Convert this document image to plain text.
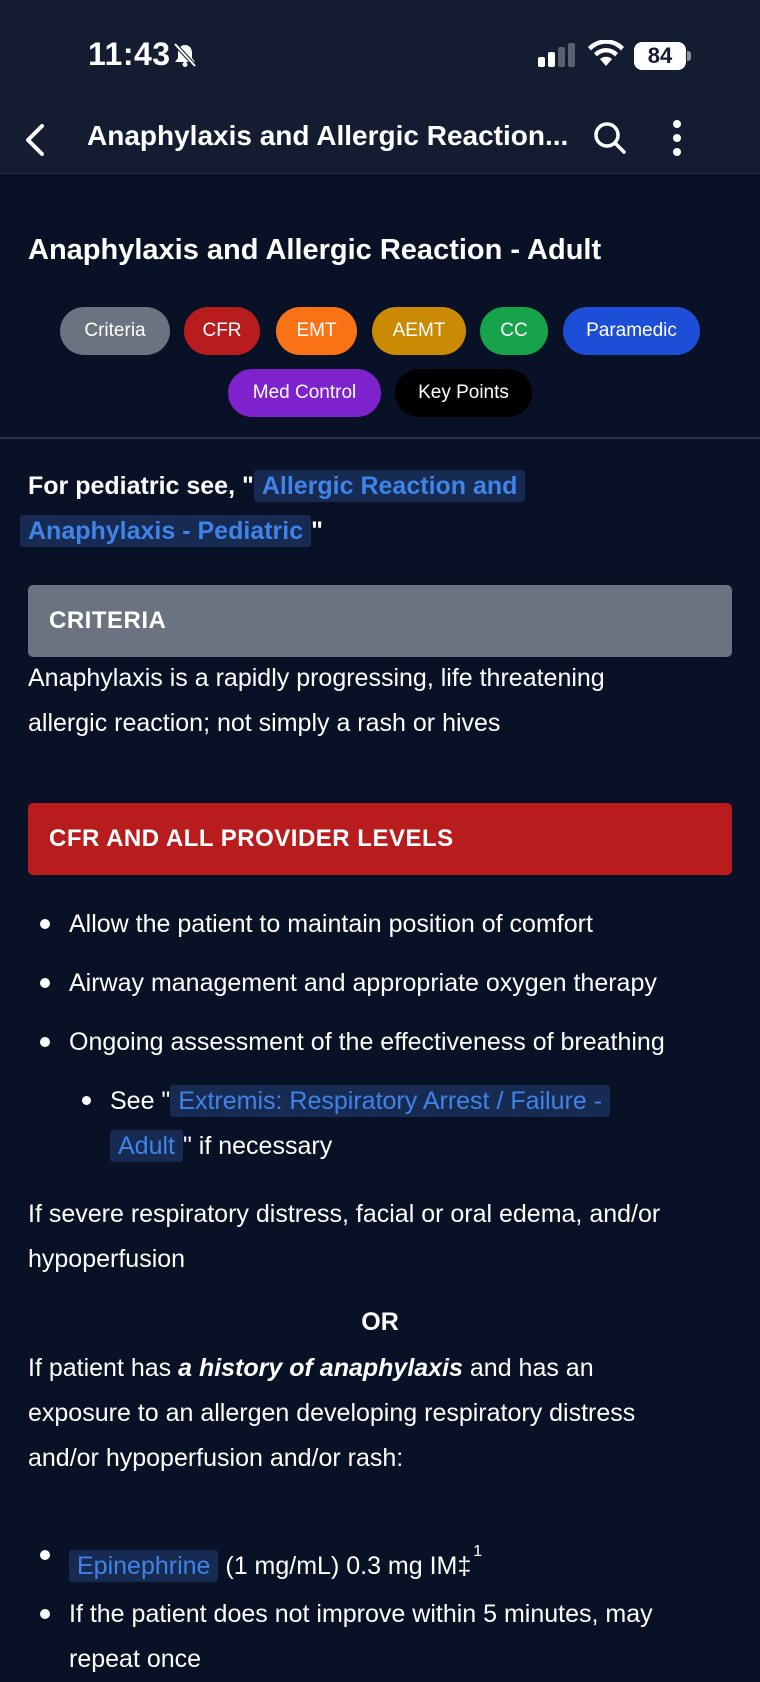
11:43	84
Anaphylaxis and Allergic Reaction...
Anaphylaxis and Allergic Reaction - Adult
Criteria	CFR	EMT	AEMT	CC	Paramedic
Med Control	Key Points
For pediatric see, " Allergic Reaction and
Anaphylaxis - Pediatric "
CRITERIA
Anaphylaxis is a rapidly progressing, life threatening
allergic reaction; not simply a rash or hives
CFR AND ALL PROVIDER LEVELS
Allow the patient to maintain position of comfort
Airway management and appropriate oxygen therapy
Ongoing assessment of the effectiveness of breathing
See " Extremis: Respiratory Arrest / Failure -
Adult " if necessary
If severe respiratory distress, facial or oral edema, and/or
hypoperfusion
OR
If patient has a history of anaphylaxis and has an
exposure to an allergen developing respiratory distress
and/or hypoperfusion and/or rash:
Epinephrine (1 mg/mL) 0.3 mg IM‡$^1$
If the patient does not improve within 5 minutes, may
repeat once
